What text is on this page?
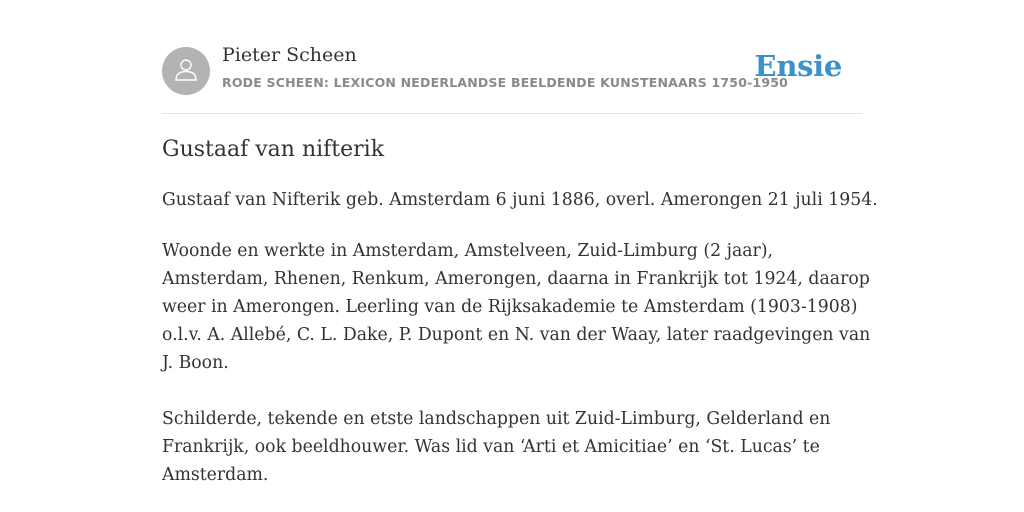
Pieter Scheen
RODE SCHEEN: LEXICON NEDERLANDSE BEELDENDE KUNSTENAARS 1750-1950
Ensie
Gustaaf van nifterik
Gustaaf van Nifterik geb. Amsterdam 6 juni 1886, overl. Amerongen 21 juli 1954.
Woonde en werkte in Amsterdam, Amstelveen, Zuid-Limburg (2 jaar),
Amsterdam, Rhenen, Renkum, Amerongen, daarna in Frankrijk tot 1924, daarop
weer in Amerongen. Leerling van de Rijksakademie te Amsterdam (1903-1908)
o.l.v. A. Allebé, C. L. Dake, P. Dupont en N. van der Waay, later raadgevingen van
J. Boon.
Schilderde, tekende en etste landschappen uit Zuid-Limburg, Gelderland en
Frankrijk, ook beeldhouwer. Was lid van ‘Arti et Amicitiae’ en ‘St. Lucas’ te
Amsterdam.
